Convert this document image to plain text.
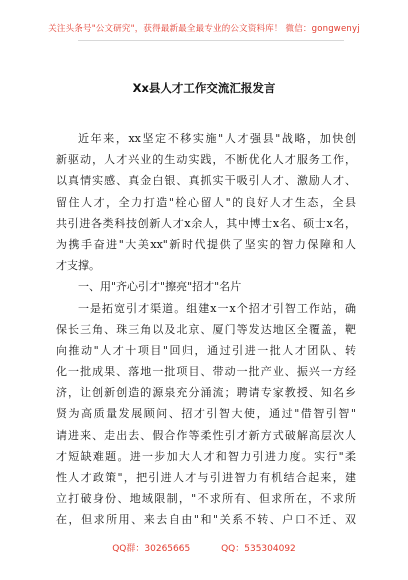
关注头条号"公文研究"，获得最新最全最专业的公文资料库！ 微信：gongwenyj
Xx县人才工作交流汇报发言
近年来，xx坚定不移实施"人才强县"战略，加快创
新驱动，人才兴业的生动实践，不断优化人才服务工作，
以真情实感、真金白银、真抓实干吸引人才、激励人才、
留住人才，全力打造"栓心留人"的良好人才生态，全县
共引进各类科技创新人才x余人，其中博士x名、硕士x名，
为携手奋进"大美xx"新时代提供了坚实的智力保障和人
才支撑。
一、用"齐心引才"擦亮"招才"名片
一是拓宽引才渠道。组建x一x个招才引智工作站，确
保长三角、珠三角以及北京、厦门等发达地区全覆盖，靶
向推动"人才十项目"回归，通过引进一批人才团队、转
化一批成果、落地一批项目、带动一批产业、振兴一方经
济，让创新创造的源泉充分涌流；聘请专家教授、知名乡
贤为高质量发展顾问、招才引智大使，通过"借智引智"
请进来、走出去、假合作等柔性引才新方式破解高层次人
才短缺难题。进一步加大人才和智力引进力度。实行"柔
性人才政策"，把引进人才与引进智力有机结合起来，建
立打破身份、地域限制，"不求所有、但求所在，不求所
在，但求所用、来去自由"和"关系不转、户口不迁、双
QQ群：30265665	QQ：535304092
